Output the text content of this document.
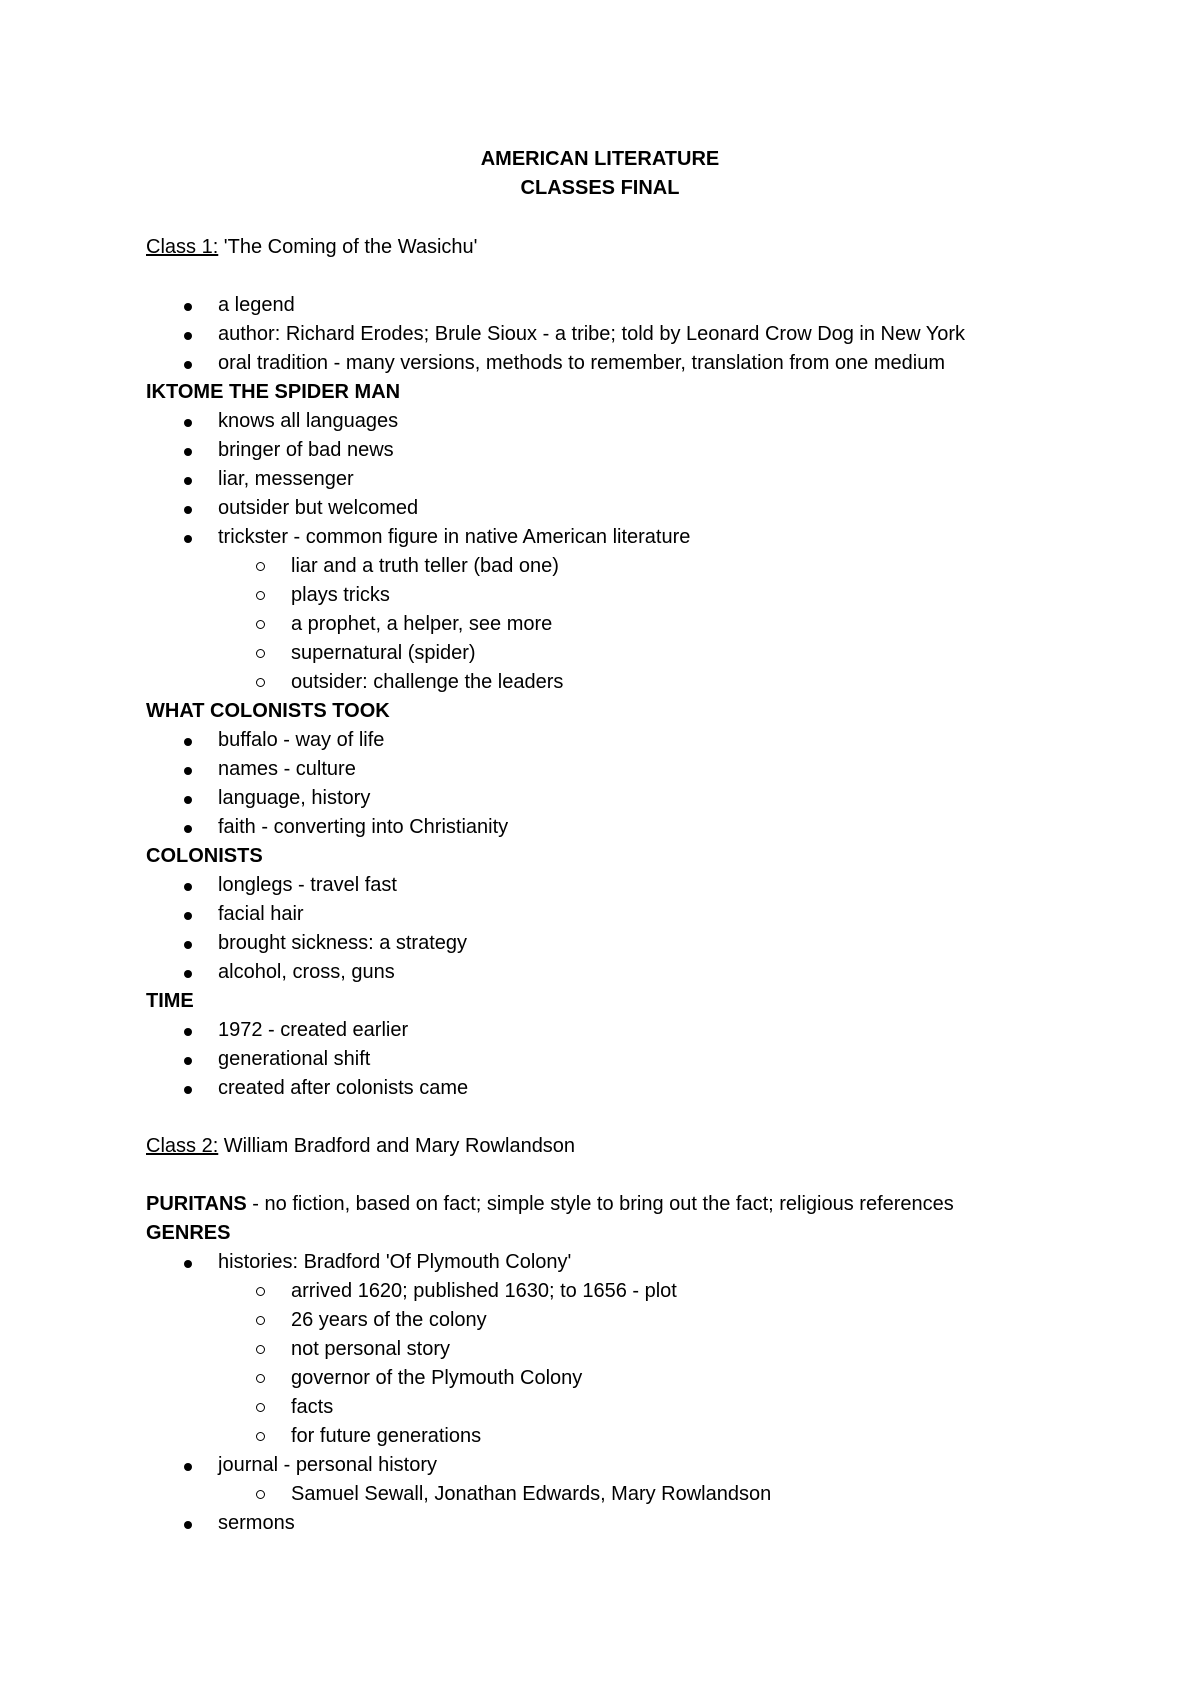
AMERICAN LITERATURE
CLASSES FINAL
Class 1: 'The Coming of the Wasichu'
a legend
author: Richard Erodes; Brule Sioux - a tribe; told by Leonard Crow Dog in New York
oral tradition - many versions, methods to remember, translation from one medium
IKTOME THE SPIDER MAN
knows all languages
bringer of bad news
liar, messenger
outsider but welcomed
trickster - common figure in native American literature
liar and a truth teller (bad one)
plays tricks
a prophet, a helper, see more
supernatural (spider)
outsider: challenge the leaders
WHAT COLONISTS TOOK
buffalo - way of life
names - culture
language, history
faith - converting into Christianity
COLONISTS
longlegs - travel fast
facial hair
brought sickness: a strategy
alcohol, cross, guns
TIME
1972 - created earlier
generational shift
created after colonists came
Class 2: William Bradford and Mary Rowlandson
PURITANS - no fiction, based on fact; simple style to bring out the fact; religious references
GENRES
histories: Bradford 'Of Plymouth Colony'
arrived 1620; published 1630; to 1656 - plot
26 years of the colony
not personal story
governor of the Plymouth Colony
facts
for future generations
journal - personal history
Samuel Sewall, Jonathan Edwards, Mary Rowlandson
sermons
